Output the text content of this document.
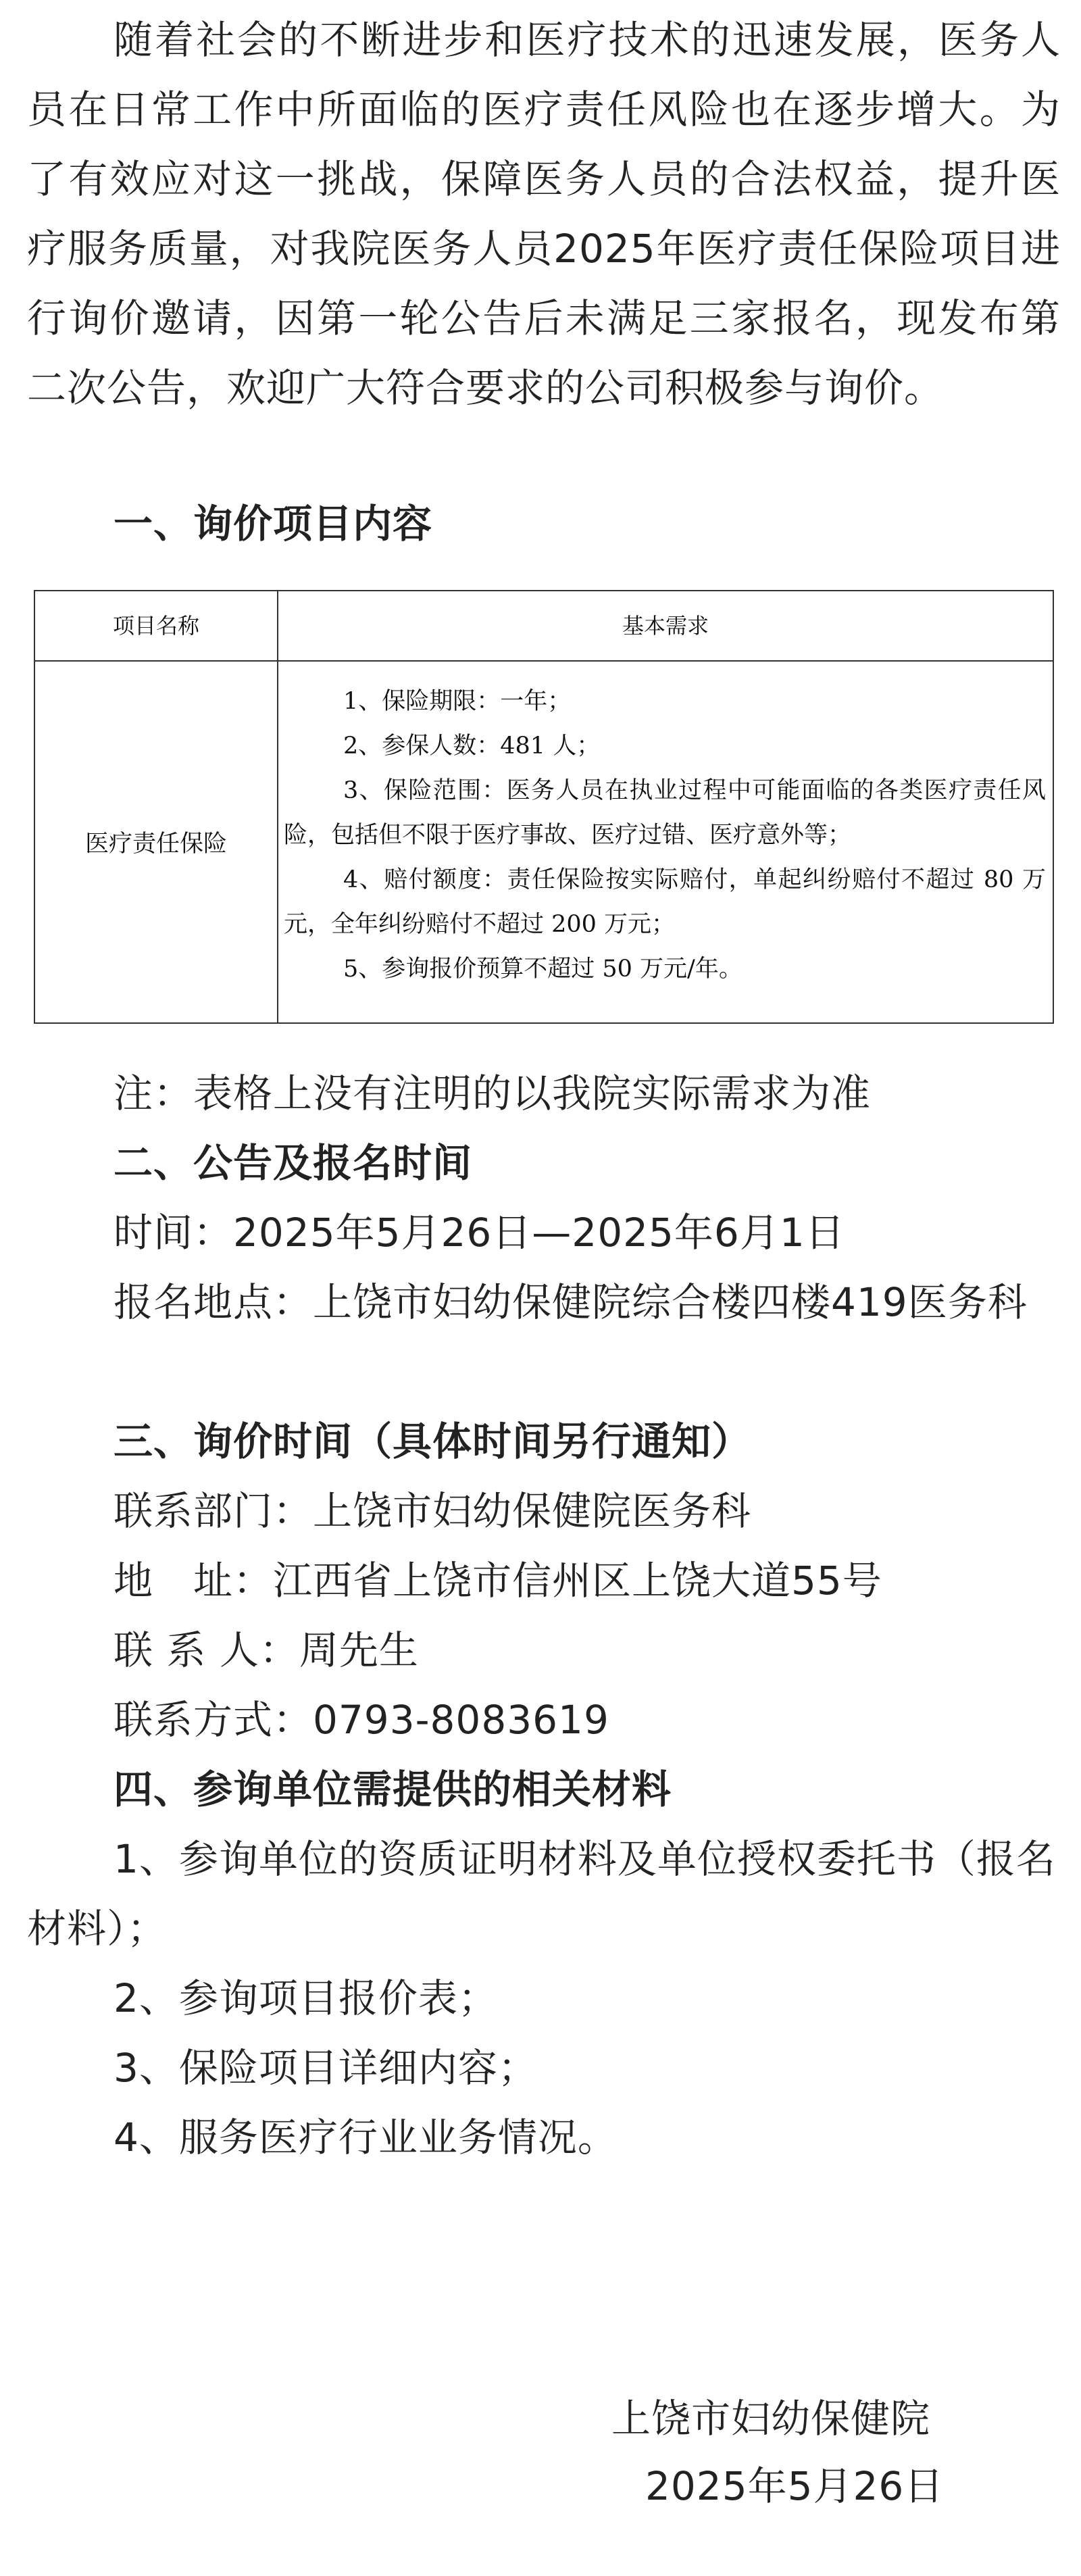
随着社会的不断进步和医疗技术的迅速发展，医务人员在日常工作中所面临的医疗责任风险也在逐步增大。为了有效应对这一挑战，保障医务人员的合法权益，提升医疗服务质量，对我院医务人员2025年医疗责任保险项目进行询价邀请，因第一轮公告后未满足三家报名，现发布第二次公告，欢迎广大符合要求的公司积极参与询价。

一、询价项目内容

项目名称	基本需求
医疗责任保险

1、保险期限：一年；

2、参保人数：481 人；

3、保险范围：医务人员在执业过程中可能面临的各类医疗责任风险，包括但不限于医疗事故、医疗过错、医疗意外等；

4、赔付额度：责任保险按实际赔付，单起纠纷赔付不超过 80 万元，全年纠纷赔付不超过 200 万元；

5、参询报价预算不超过 50 万元/年。

注：表格上没有注明的以我院实际需求为准

二、公告及报名时间

时间：2025年5月26日—2025年6月1日

报名地点：上饶市妇幼保健院综合楼四楼419医务科

三、询价时间（具体时间另行通知）

联系部门：上饶市妇幼保健院医务科

地　址：江西省上饶市信州区上饶大道55号

联 系 人：周先生

联系方式：0793-8083619

四、参询单位需提供的相关材料

1、参询单位的资质证明材料及单位授权委托书（报名材料）；

2、参询项目报价表；

3、保险项目详细内容；

4、服务医疗行业业务情况。

上饶市妇幼保健院

2025年5月26日
